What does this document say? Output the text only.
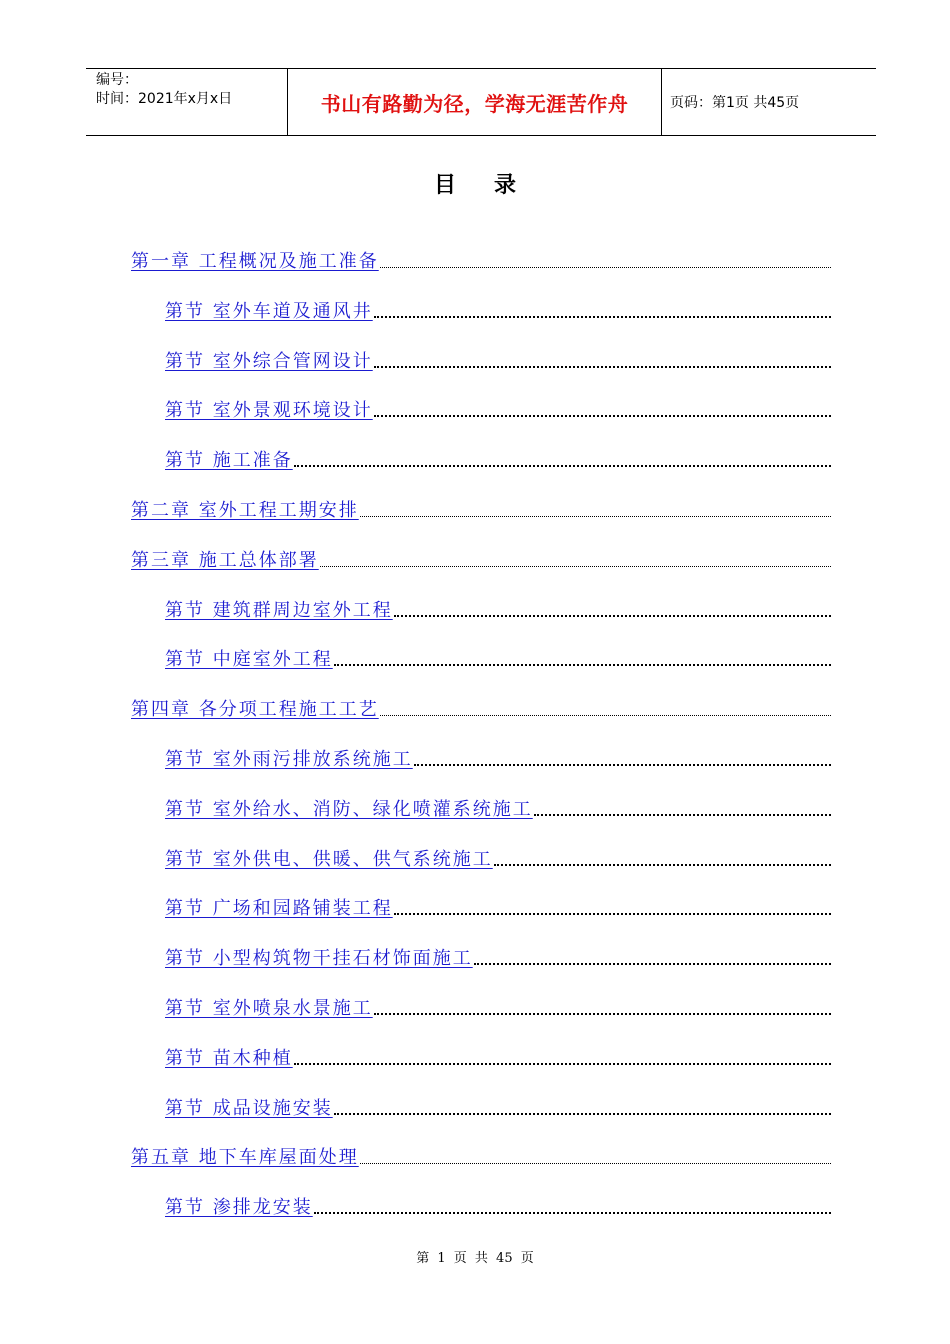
编号：
时间：2021年x月x日	书山有路勤为径，学海无涯苦作舟	页码：第1页 共45页
目录
第一章 工程概况及施工准备
第节 室外车道及通风井
第节 室外综合管网设计
第节 室外景观环境设计
第节 施工准备
第二章 室外工程工期安排
第三章 施工总体部署
第节 建筑群周边室外工程
第节 中庭室外工程
第四章 各分项工程施工工艺
第节 室外雨污排放系统施工
第节 室外给水、消防、绿化喷灌系统施工
第节 室外供电、供暖、供气系统施工
第节 广场和园路铺装工程
第节 小型构筑物干挂石材饰面施工
第节 室外喷泉水景施工
第节 苗木种植
第节 成品设施安装
第五章 地下车库屋面处理
第节 渗排龙安装
第 1 页 共 45 页
